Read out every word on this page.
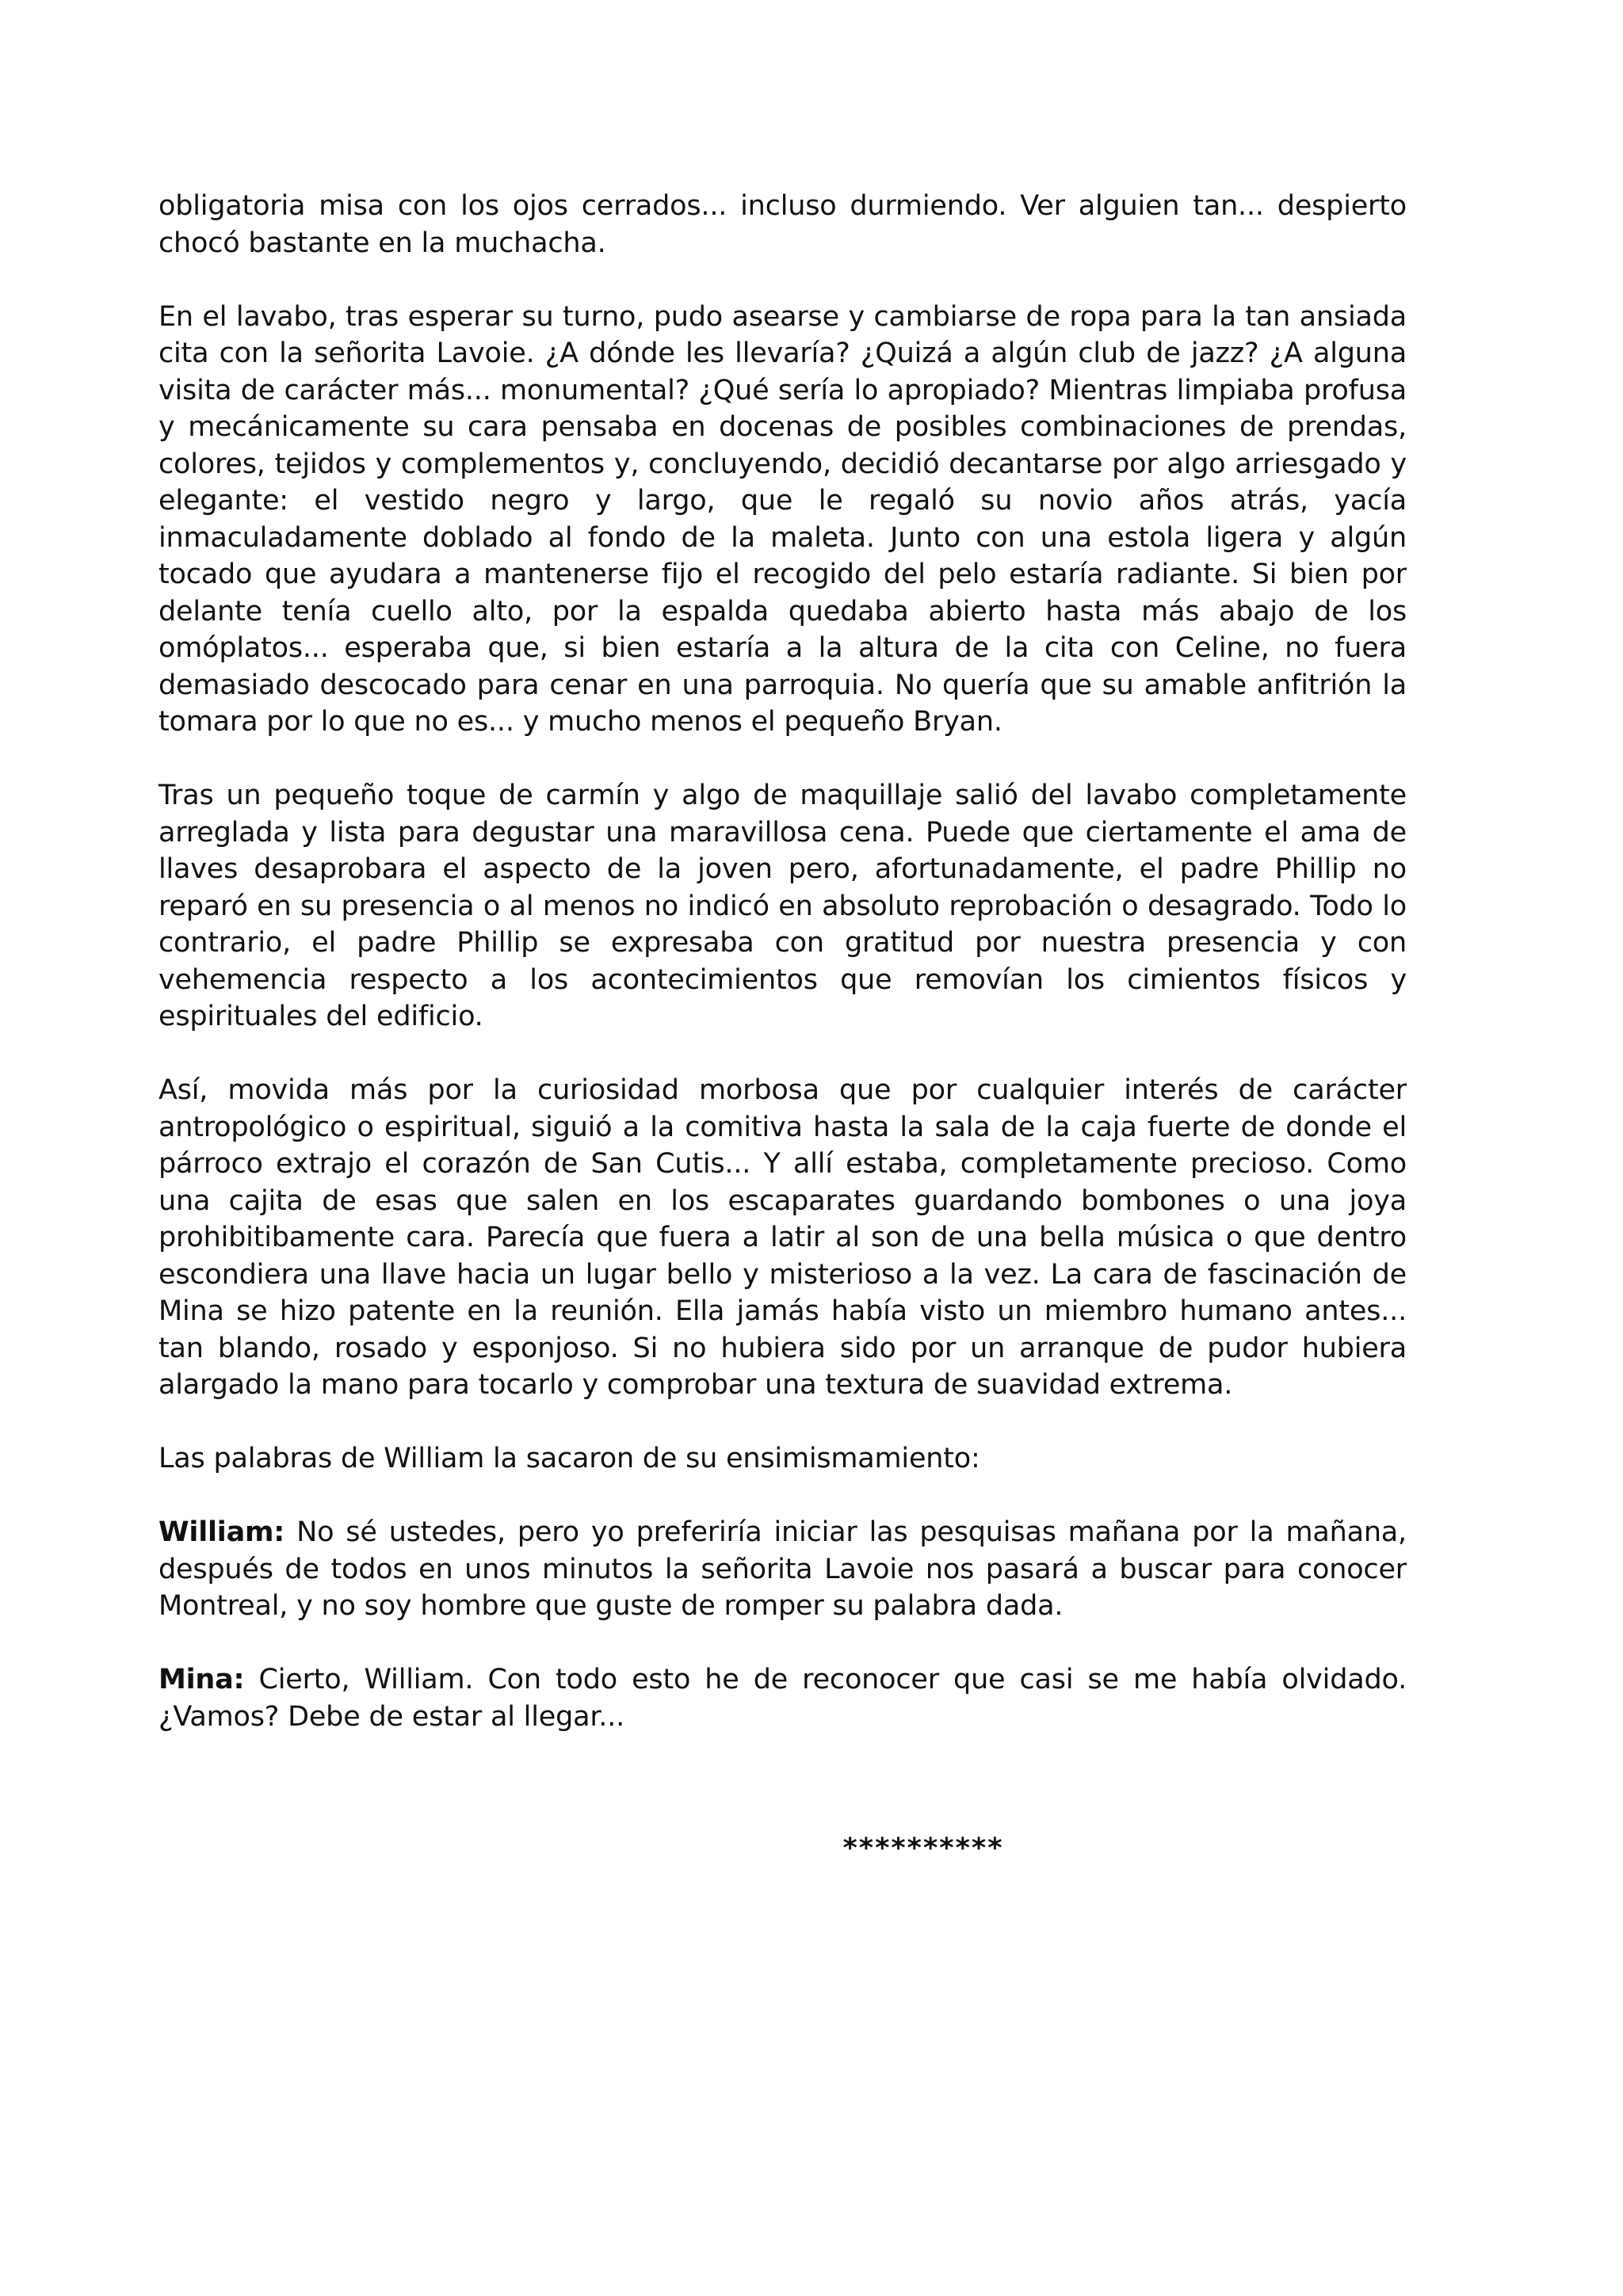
obligatoria misa con los ojos cerrados... incluso durmiendo. Ver alguien tan... despierto chocó bastante en la muchacha.

En el lavabo, tras esperar su turno, pudo asearse y cambiarse de ropa para la tan ansiada cita con la señorita Lavoie. ¿A dónde les llevaría? ¿Quizá a algún club de jazz? ¿A alguna visita de carácter más... monumental? ¿Qué sería lo apropiado? Mientras limpiaba profusa y mecánicamente su cara pensaba en docenas de posibles combinaciones de prendas, colores, tejidos y complementos y, concluyendo, decidió decantarse por algo arriesgado y elegante: el vestido negro y largo, que le regaló su novio años atrás, yacía inmaculadamente doblado al fondo de la maleta. Junto con una estola ligera y algún tocado que ayudara a mantenerse fijo el recogido del pelo estaría radiante. Si bien por delante tenía cuello alto, por la espalda quedaba abierto hasta más abajo de los omóplatos... esperaba que, si bien estaría a la altura de la cita con Celine, no fuera demasiado descocado para cenar en una parroquia. No quería que su amable anfitrión la tomara por lo que no es... y mucho menos el pequeño Bryan.

Tras un pequeño toque de carmín y algo de maquillaje salió del lavabo completamente arreglada y lista para degustar una maravillosa cena. Puede que ciertamente el ama de llaves desaprobara el aspecto de la joven pero, afortunadamente, el padre Phillip no reparó en su presencia o al menos no indicó en absoluto reprobación o desagrado. Todo lo contrario, el padre Phillip se expresaba con gratitud por nuestra presencia y con vehemencia respecto a los acontecimientos que removían los cimientos físicos y espirituales del edificio.

Así, movida más por la curiosidad morbosa que por cualquier interés de carácter antropológico o espiritual, siguió a la comitiva hasta la sala de la caja fuerte de donde el párroco extrajo el corazón de San Cutis... Y allí estaba, completamente precioso. Como una cajita de esas que salen en los escaparates guardando bombones o una joya prohibitibamente cara. Parecía que fuera a latir al son de una bella música o que dentro escondiera una llave hacia un lugar bello y misterioso a la vez. La cara de fascinación de Mina se hizo patente en la reunión. Ella jamás había visto un miembro humano antes... tan blando, rosado y esponjoso. Si no hubiera sido por un arranque de pudor hubiera alargado la mano para tocarlo y comprobar una textura de suavidad extrema.

Las palabras de William la sacaron de su ensimismamiento:

William: No sé ustedes, pero yo preferiría iniciar las pesquisas mañana por la mañana, después de todos en unos minutos la señorita Lavoie nos pasará a buscar para conocer Montreal, y no soy hombre que guste de romper su palabra dada.

Mina: Cierto, William. Con todo esto he de reconocer que casi se me había olvidado. ¿Vamos? Debe de estar al llegar...

**********
